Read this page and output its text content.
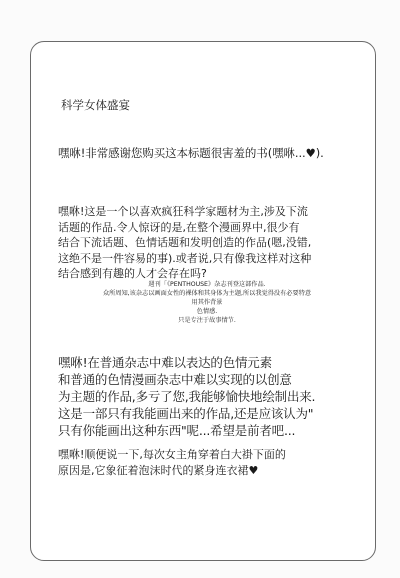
科学女体盛宴
嘿咻!非常感谢您购买这本标题很害羞的书(嘿咻...♥).
嘿咻!这是一个以喜欢疯狂科学家题材为主,涉及下流
话题的作品.令人惊讶的是,在整个漫画界中,很少有
结合下流话题、色情话题和发明创造的作品(嗯,没错,
这绝不是一件容易的事).或者说,只有像我这样对这种
结合感到有趣的人才会存在吗?
週刊「《PENTHOUSE》杂志刊登这部作品.
众所周知,该杂志以画面女性的裸体和其身体为主题,所以我觉得没有必要特意
用其作背景
色情感.
只是专注于故事情节.
嘿咻!在普通杂志中难以表达的色情元素
和普通的色情漫画杂志中难以实现的以创意
为主题的作品,多亏了您,我能够愉快地绘制出来.
这是一部只有我能画出来的作品,还是应该认为"
只有你能画出这种东西"呢...希望是前者吧...
嘿咻!顺便说一下,每次女主角穿着白大褂下面的
原因是,它象征着泡沫时代的紧身连衣裙♥
